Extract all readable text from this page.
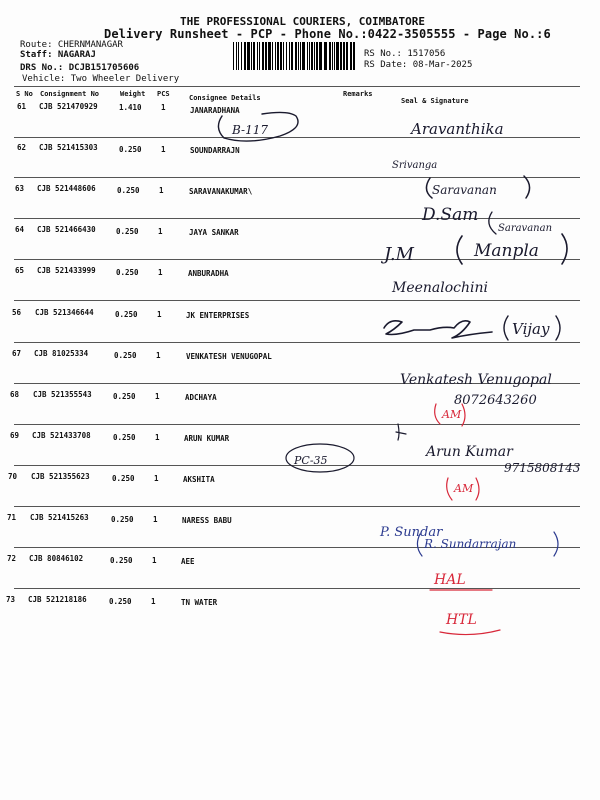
THE PROFESSIONAL COURIERS, COIMBATORE
Delivery Runsheet - PCP - Phone No.:0422-3505555 - Page No.:6
Route: CHERNMANAGAR
Staff: NAGARAJ
DRS No.: DCJB151705606
Vehicle: Two Wheeler Delivery
RS No.: 1517056
RS Date: 08-Mar-2025
S No Consignment No	Weight PCS	Consignee Details	Remarks
Seal & Signature
61 CJB 521470929	1.410	1	JANARADHANA
62 CJB 521415303	0.250	1	SOUNDARRAJN
63 CJB 521448606	0.250	1	SARAVANAKUMAR\
64 CJB 521466430	0.250	1	JAYA SANKAR
65 CJB 521433999	0.250	1	ANBURADHA
56 CJB 521346644	0.250	1	JK ENTERPRISES
67 CJB 81025334	0.250	1	VENKATESH VENUGOPAL
68 CJB 521355543	0.250	1	ADCHAYA
69 CJB 521433708	0.250	1	ARUN KUMAR
70 CJB 521355623	0.250	1	AKSHITA
71 CJB 521415263	0.250	1	NARESS BABU
72 CJB 80846102	0.250	1	AEE
73 CJB 521218186	0.250	1	TN WATER
B-117	Aravanthika
Srivanga
Saravanan
D.Sam
Saravanan
J.M	Manpla
Meenalochini
Vijay
Venkatesh Venugopal
8072643260
AM
PC-35
Arun Kumar
9715808143
AM
P. Sundar
R. Sundarrajan
HAL
HTL
